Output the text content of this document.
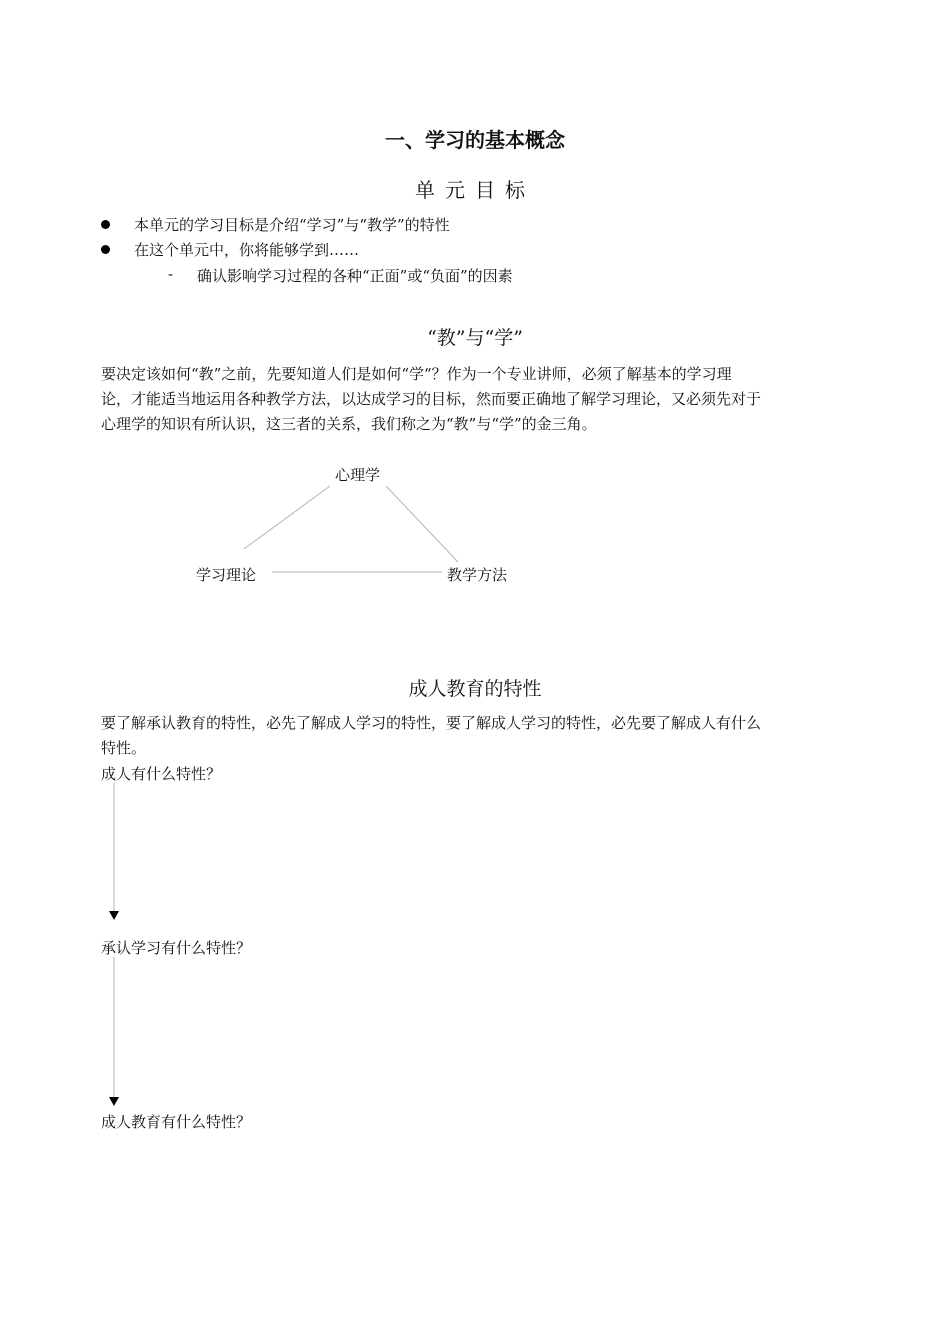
一、学习的基本概念
单元目标
本单元的学习目标是介绍“学习”与“教学”的特性
在这个单元中，你将能够学到……
- 确认影响学习过程的各种“正面”或“负面”的因素
“教”与“学”
要决定该如何“教”之前，先要知道人们是如何“学“？作为一个专业讲师，必须了解基本的学习理
论，才能适当地运用各种教学方法，以达成学习的目标，然而要正确地了解学习理论，又必须先对于
心理学的知识有所认识，这三者的关系，我们称之为“教”与“学”的金三角。
心理学
学习理论	教学方法
成人教育的特性
要了解承认教育的特性，必先了解成人学习的特性，要了解成人学习的特性，必先要了解成人有什么
特性。
成人有什么特性？
承认学习有什么特性？
成人教育有什么特性？
